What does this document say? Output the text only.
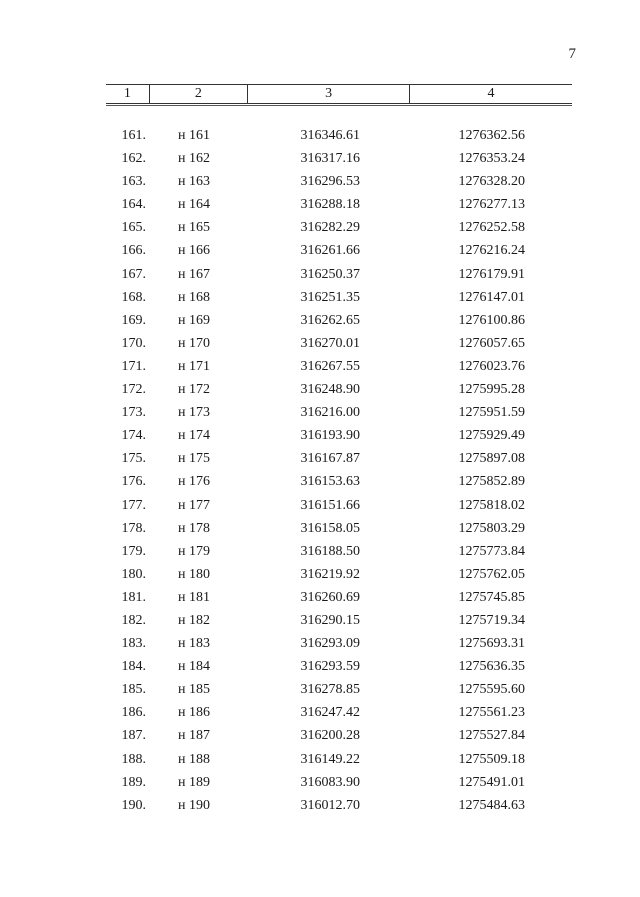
7
1	2	3	4
161. н 161	316346.61	1276362.56
162. н 162	316317.16	1276353.24
163. н 163	316296.53	1276328.20
164. н 164	316288.18	1276277.13
165. н 165	316282.29	1276252.58
166. н 166	316261.66	1276216.24
167. н 167	316250.37	1276179.91
168. н 168	316251.35	1276147.01
169. н 169	316262.65	1276100.86
170. н 170	316270.01	1276057.65
171. н 171	316267.55	1276023.76
172. н 172	316248.90	1275995.28
173. н 173	316216.00	1275951.59
174. н 174	316193.90	1275929.49
175. н 175	316167.87	1275897.08
176. н 176	316153.63	1275852.89
177. н 177	316151.66	1275818.02
178. н 178	316158.05	1275803.29
179. н 179	316188.50	1275773.84
180. н 180	316219.92	1275762.05
181. н 181	316260.69	1275745.85
182. н 182	316290.15	1275719.34
183. н 183	316293.09	1275693.31
184. н 184	316293.59	1275636.35
185. н 185	316278.85	1275595.60
186. н 186	316247.42	1275561.23
187. н 187	316200.28	1275527.84
188. н 188	316149.22	1275509.18
189. н 189	316083.90	1275491.01
190. н 190	316012.70	1275484.63
